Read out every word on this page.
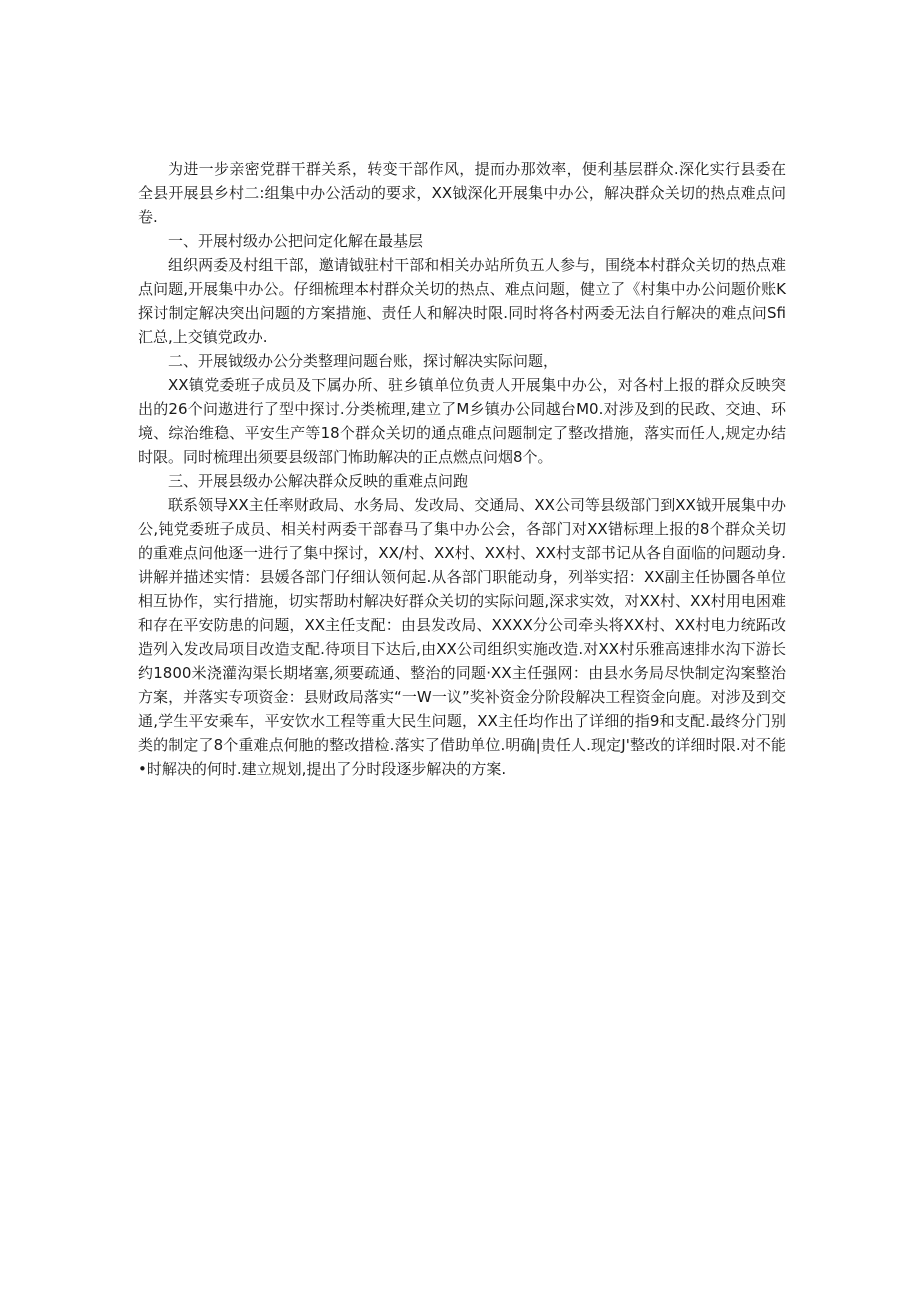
为进一步亲密党群干群关系，转变干部作风，提而办那效率，便利基层群众.深化实行县委在全县开展县乡村二:组集中办公活动的要求，XX钺深化开展集中办公，解决群众关切的热点难点问卷.

一、开展村级办公把问定化解在最基层

组织两委及村组干部，邀请钺驻村干部和相关办站所负五人参与，围绕本村群众关切的热点难点问题,开展集中办公。仔细梳理本村群众关切的热点、难点问题，健立了《村集中办公问题价账K探讨制定解决突出问题的方案措施、责任人和解决时限.同时将各村两委无法自行解决的难点问Sfi汇总,上交镇党政办.

二、开展钺级办公分类整理问题台账，探讨解决实际问题，

XX镇党委班子成员及下属办所、驻乡镇单位负责人开展集中办公，对各村上报的群众反映突出的26个问遨进行了型中探讨.分类梳理,建立了M乡镇办公同越台M0.对涉及到的民政、交迪、环境、综治维稳、平安生产等18个群众关切的通点碓点问题制定了整改措施，落实而任人,规定办结时限。同时梳理出须要县级部门怖助解决的正点燃点问烟8个。

三、开展县级办公解决群众反映的重难点问跑

联系领导XX主任率财政局、水务局、发改局、交通局、XX公司等县级部门到XX钺开展集中办公,钝党委班子成员、相关村两委干部舂马了集中办公会，各部门对XX错标理上报的8个群众关切的重难点问他逐一进行了集中探讨，XX/村、XX村、XX村、XX村支部书记从各自面临的问题动身.讲解并描述实情：县媛各部门仔细认领何起.从各部门职能动身，列举实招：XX副主任协圜各单位相互协作，实行措施，切实帮助村解决好群众关切的实际问题,深求实效，对XX村、XX村用电困难和存在平安防患的问题，XX主任支配：由县发改局、XXXX分公司牵头将XX村、XX村电力统跖改造列入发改局项目改造支配.待项目下达后,由XX公司组织实施改造.对XX村乐雅高速排水沟下游长约1800米浇灌沟渠长期堵塞,须要疏通、整治的同题·XX主任强网：由县水务局尽快制定沟案整治方案，并落实专项资金：县财政局落实“一W一议”奖补资金分阶段解决工程资金向鹿。对涉及到交通,学生平安乘车，平安饮水工程等重大民生问题，XX主任均作出了详细的指9和支配.最终分门别类的制定了8个重难点何肔的整改措检.落实了借助单位.明确|贵任人.现定J'整改的详细时限.对不能•时解决的何时.建立规划,提出了分时段逐步解决的方案.
